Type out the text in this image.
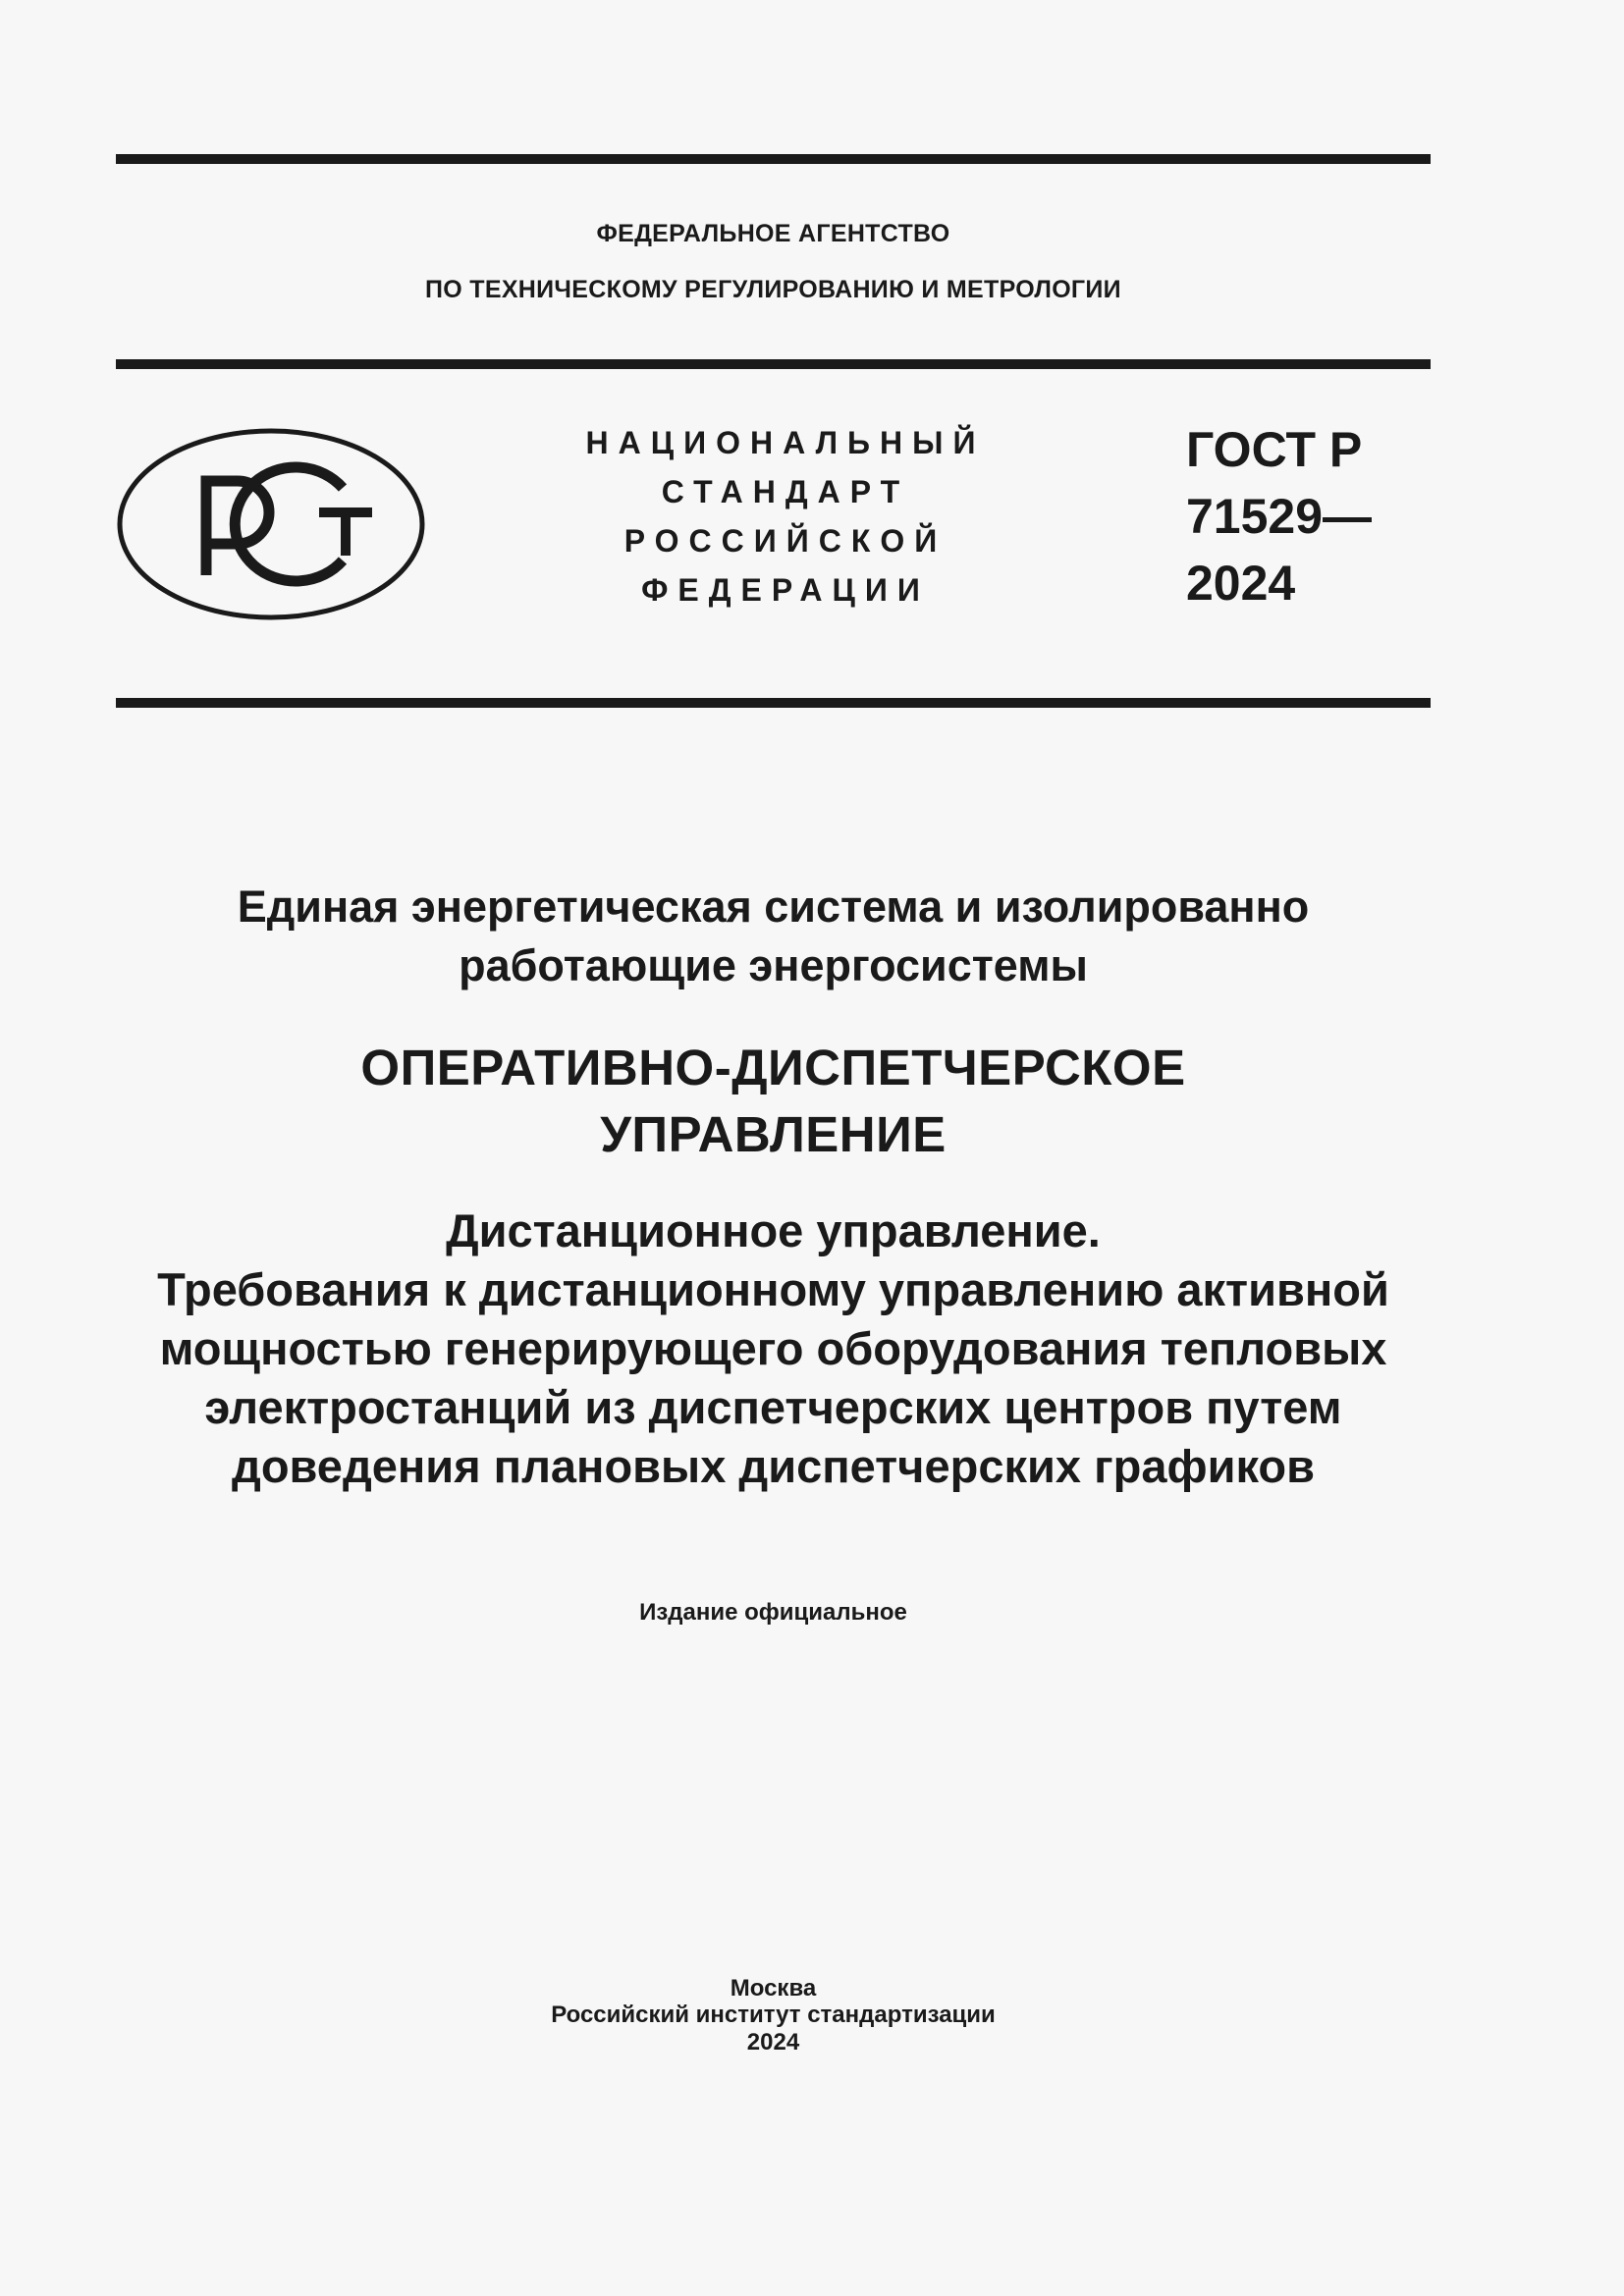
ФЕДЕРАЛЬНОЕ АГЕНТСТВО
ПО ТЕХНИЧЕСКОМУ РЕГУЛИРОВАНИЮ И МЕТРОЛОГИИ
НАЦИОНАЛЬНЫЙ
СТАНДАРТ
РОССИЙСКОЙ
ФЕДЕРАЦИИ
ГОСТ Р
71529—
2024
Единая энергетическая система и изолированно
работающие энергосистемы
ОПЕРАТИВНО-ДИСПЕТЧЕРСКОЕ
УПРАВЛЕНИЕ
Дистанционное управление.
Требования к дистанционному управлению активной
мощностью генерирующего оборудования тепловых
электростанций из диспетчерских центров путем
доведения плановых диспетчерских графиков
Издание официальное
Москва
Российский институт стандартизации
2024
